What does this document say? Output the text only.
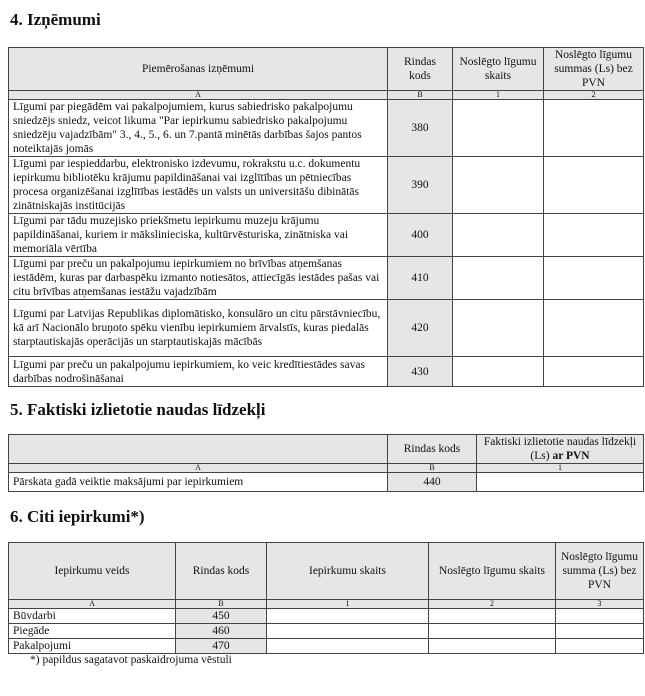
4. Izņēmumi
Piemērošanas izņēmumi	Rindas kods	Noslēgto līgumu skaits	Noslēgto līgumu summas (Ls) bez PVN
A	B	1	2
Līgumi par piegādēm vai pakalpojumiem, kurus sabiedrisko pakalpojumu sniedzējs sniedz, veicot likuma "Par iepirkumu sabiedrisko pakalpojumu sniedzēju vajadzībām" 3., 4., 5., 6. un 7.pantā minētās darbības šajos pantos noteiktajās jomās	380		
Līgumi par iespieddarbu, elektronisko izdevumu, rokrakstu u.c. dokumentu iepirkumu bibliotēku krājumu papildināšanai vai izglītības un pētniecības procesa organizēšanai izglītības iestādēs un valsts un universitāšu dibinātās zinātniskajās institūcijās	390		
Līgumi par tādu muzejisko priekšmetu iepirkumu muzeju krājumu papildināšanai, kuriem ir mākslinieciska, kultūrvēsturiska, zinātniska vai memoriāla vērtība	400		
Līgumi par preču un pakalpojumu iepirkumiem no brīvības atņemšanas iestādēm, kuras par darbaspēku izmanto notiesātos, attiecīgās iestādes pašas vai citu brīvības atņemšanas iestāžu vajadzībām	410		
Līgumi par Latvijas Republikas diplomātisko, konsulāro un citu pārstāvniecību, kā arī Nacionālo bruņoto spēku vienību iepirkumiem ārvalstīs, kuras piedalās starptautiskajās operācijās un starptautiskajās mācībās	420		
Līgumi par preču un pakalpojumu iepirkumiem, ko veic kredītiestādes savas darbības nodrošināšanai	430		
5. Faktiski izlietotie naudas līdzekļi
	Rindas kods	Faktiski izlietotie naudas līdzekļi (Ls) ar PVN
A	B	1
Pārskata gadā veiktie maksājumi par iepirkumiem	440	
6. Citi iepirkumi*)
Iepirkumu veids	Rindas kods	Iepirkumu skaits	Noslēgto līgumu skaits	Noslēgto līgumu summa (Ls) bez PVN
A	B	1	2	3
Būvdarbi	450			
Piegāde	460			
Pakalpojumi	470			
*) papildus sagatavot paskaidrojuma vēstuli
